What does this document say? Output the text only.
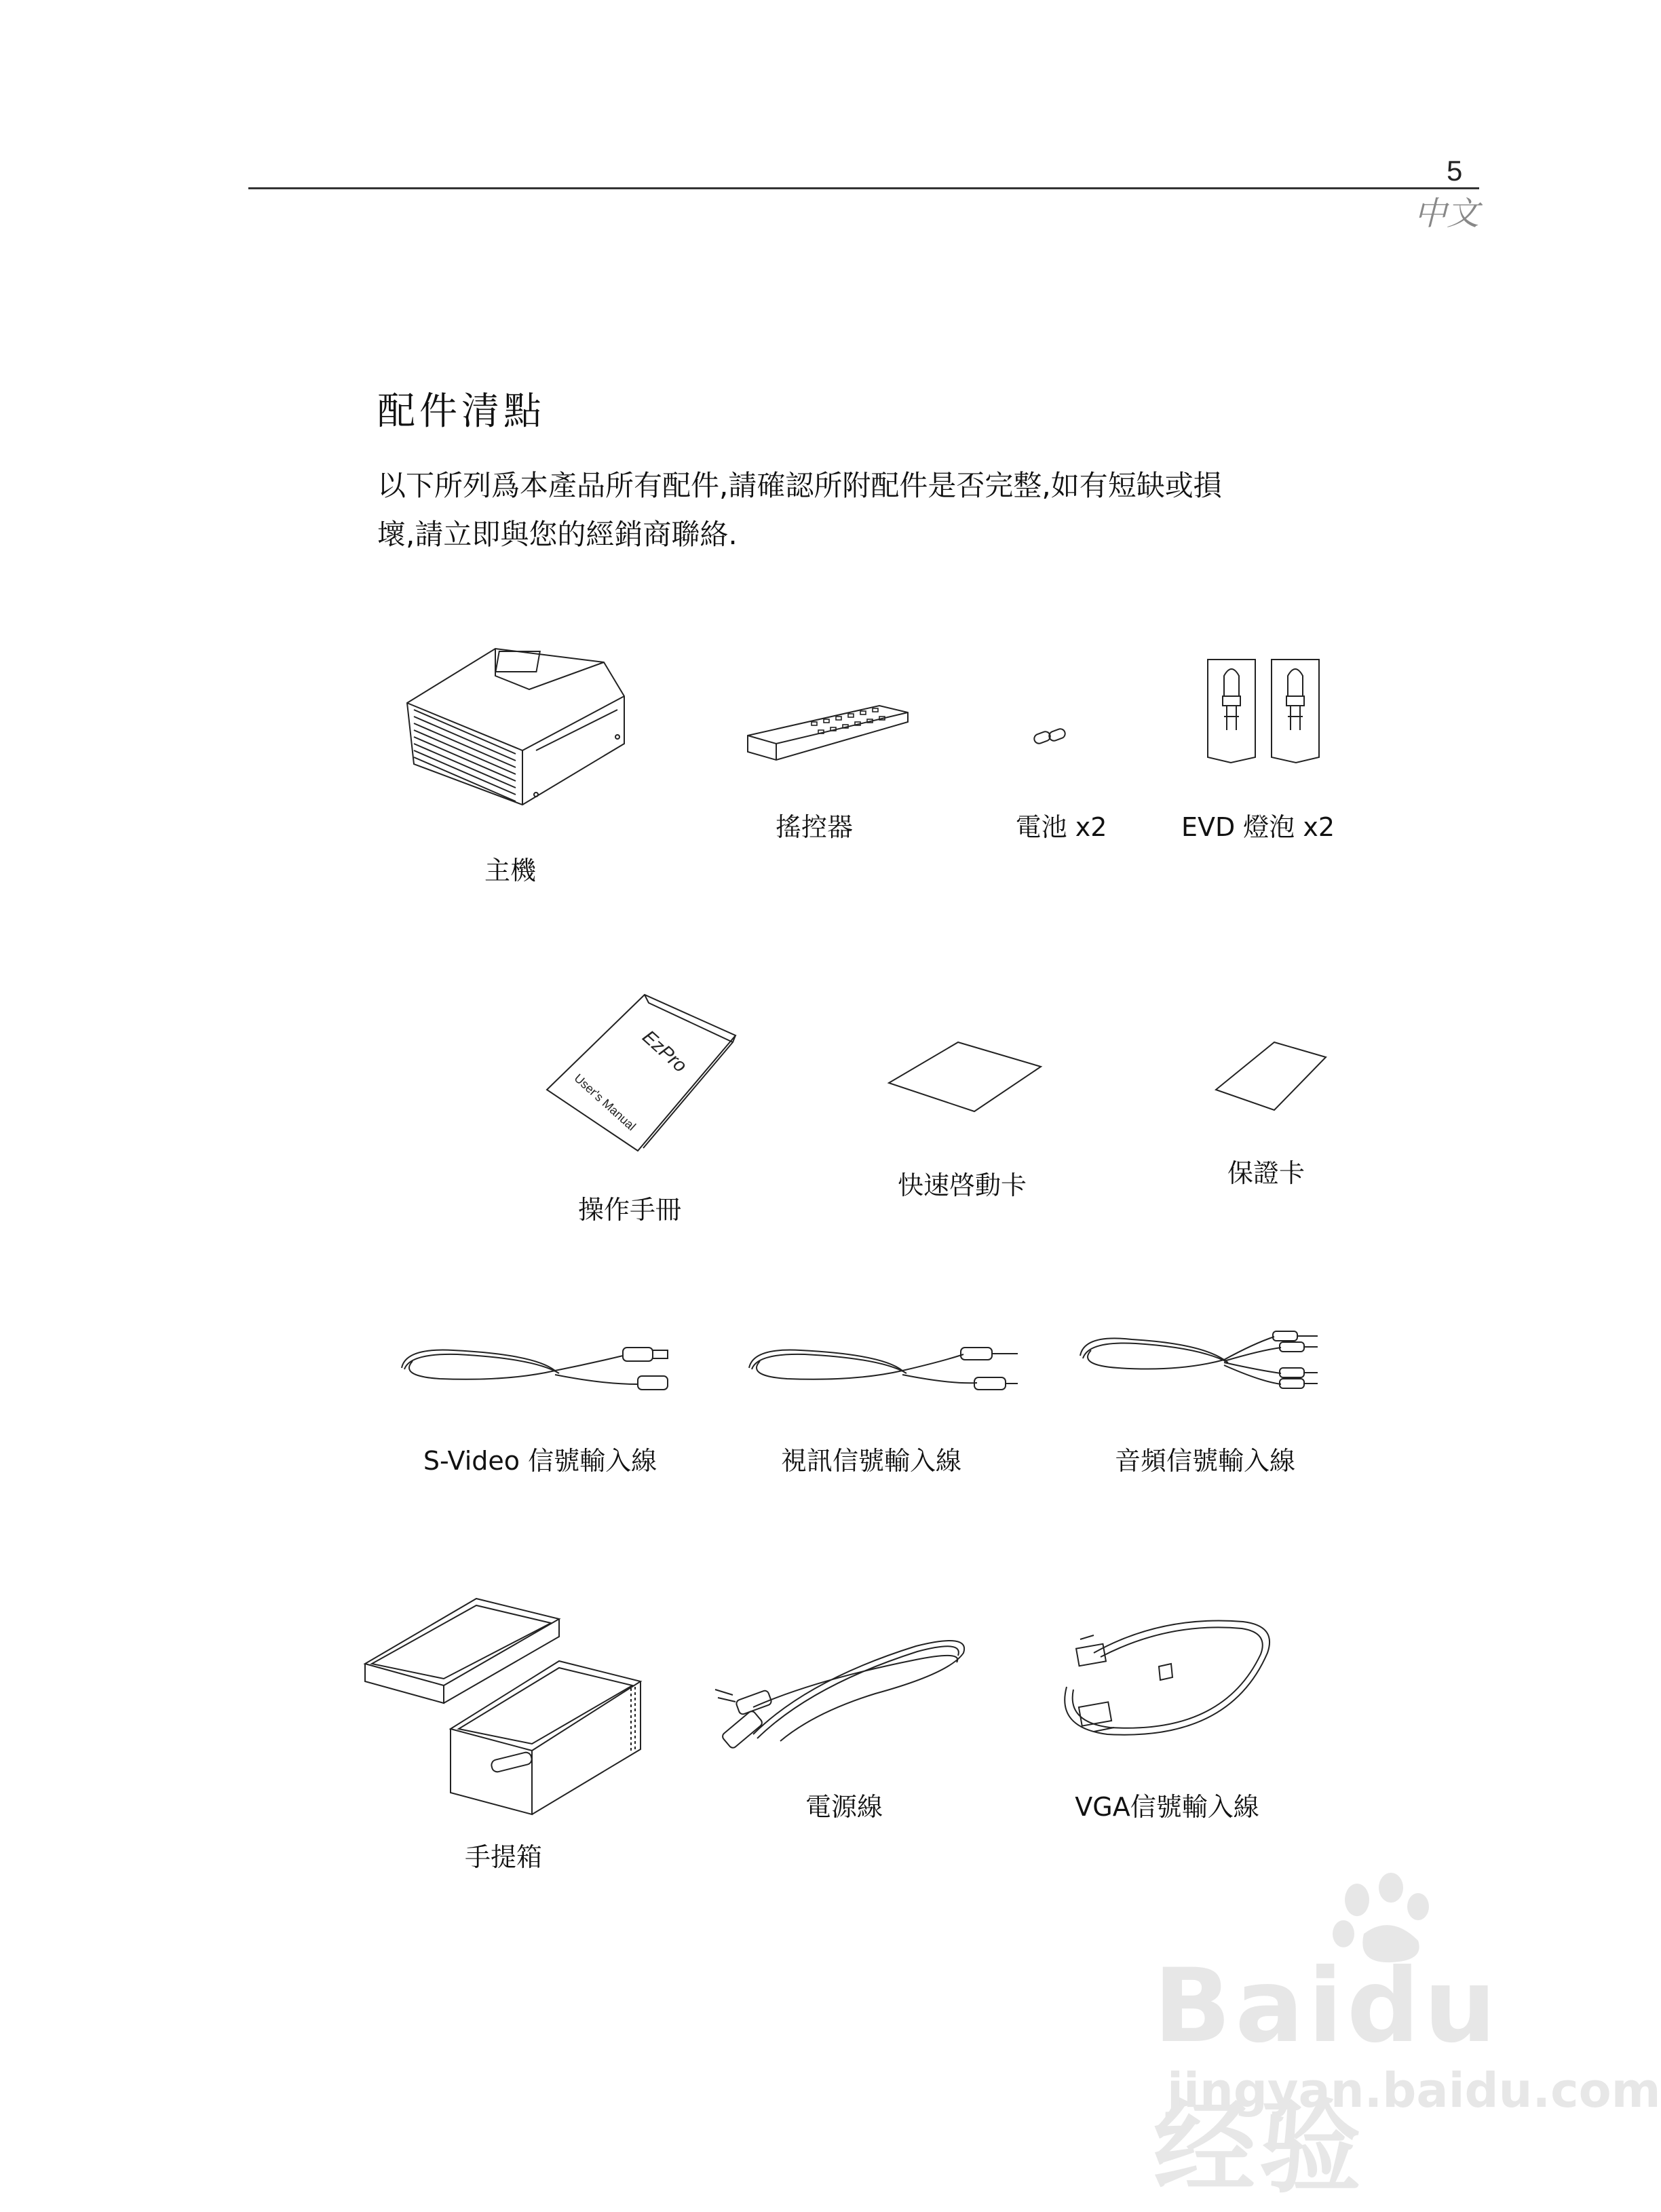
5
中文
配件清點
以下所列爲本產品所有配件,請確認所附配件是否完整,如有短缺或損
壞,請立即與您的經銷商聯絡.
主機
搖控器	電池 x2	EVD 燈泡 x2
EzPro
User's Manual
操作手冊
快速啓動卡	保證卡
S-Video 信號輸入線	視訊信號輸入線	音頻信號輸入線
手提箱
電源線	VGA信號輸入線
Baidu经验
jingyan.baidu.com
